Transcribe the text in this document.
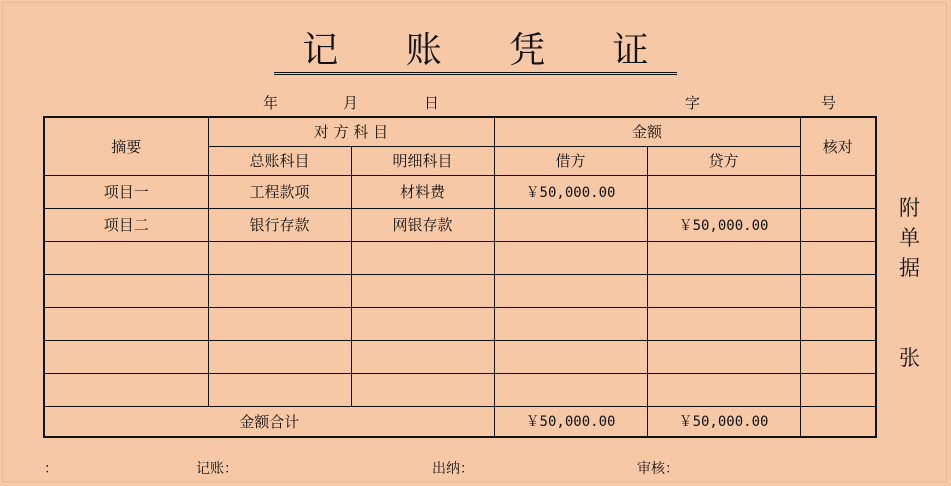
记 账 凭 证
年	月	日	字	号
摘要	对 方 科 目		金额		核对
	总账科目	明细科目	借方	贷方	
项目一	工程款项	材料费	￥50,000.00		
项目二	银行存款	网银存款		￥50,000.00	

金额合计			￥50,000.00	￥50,000.00	
附
单
据
张
：	记账：	出纳：	审核：
